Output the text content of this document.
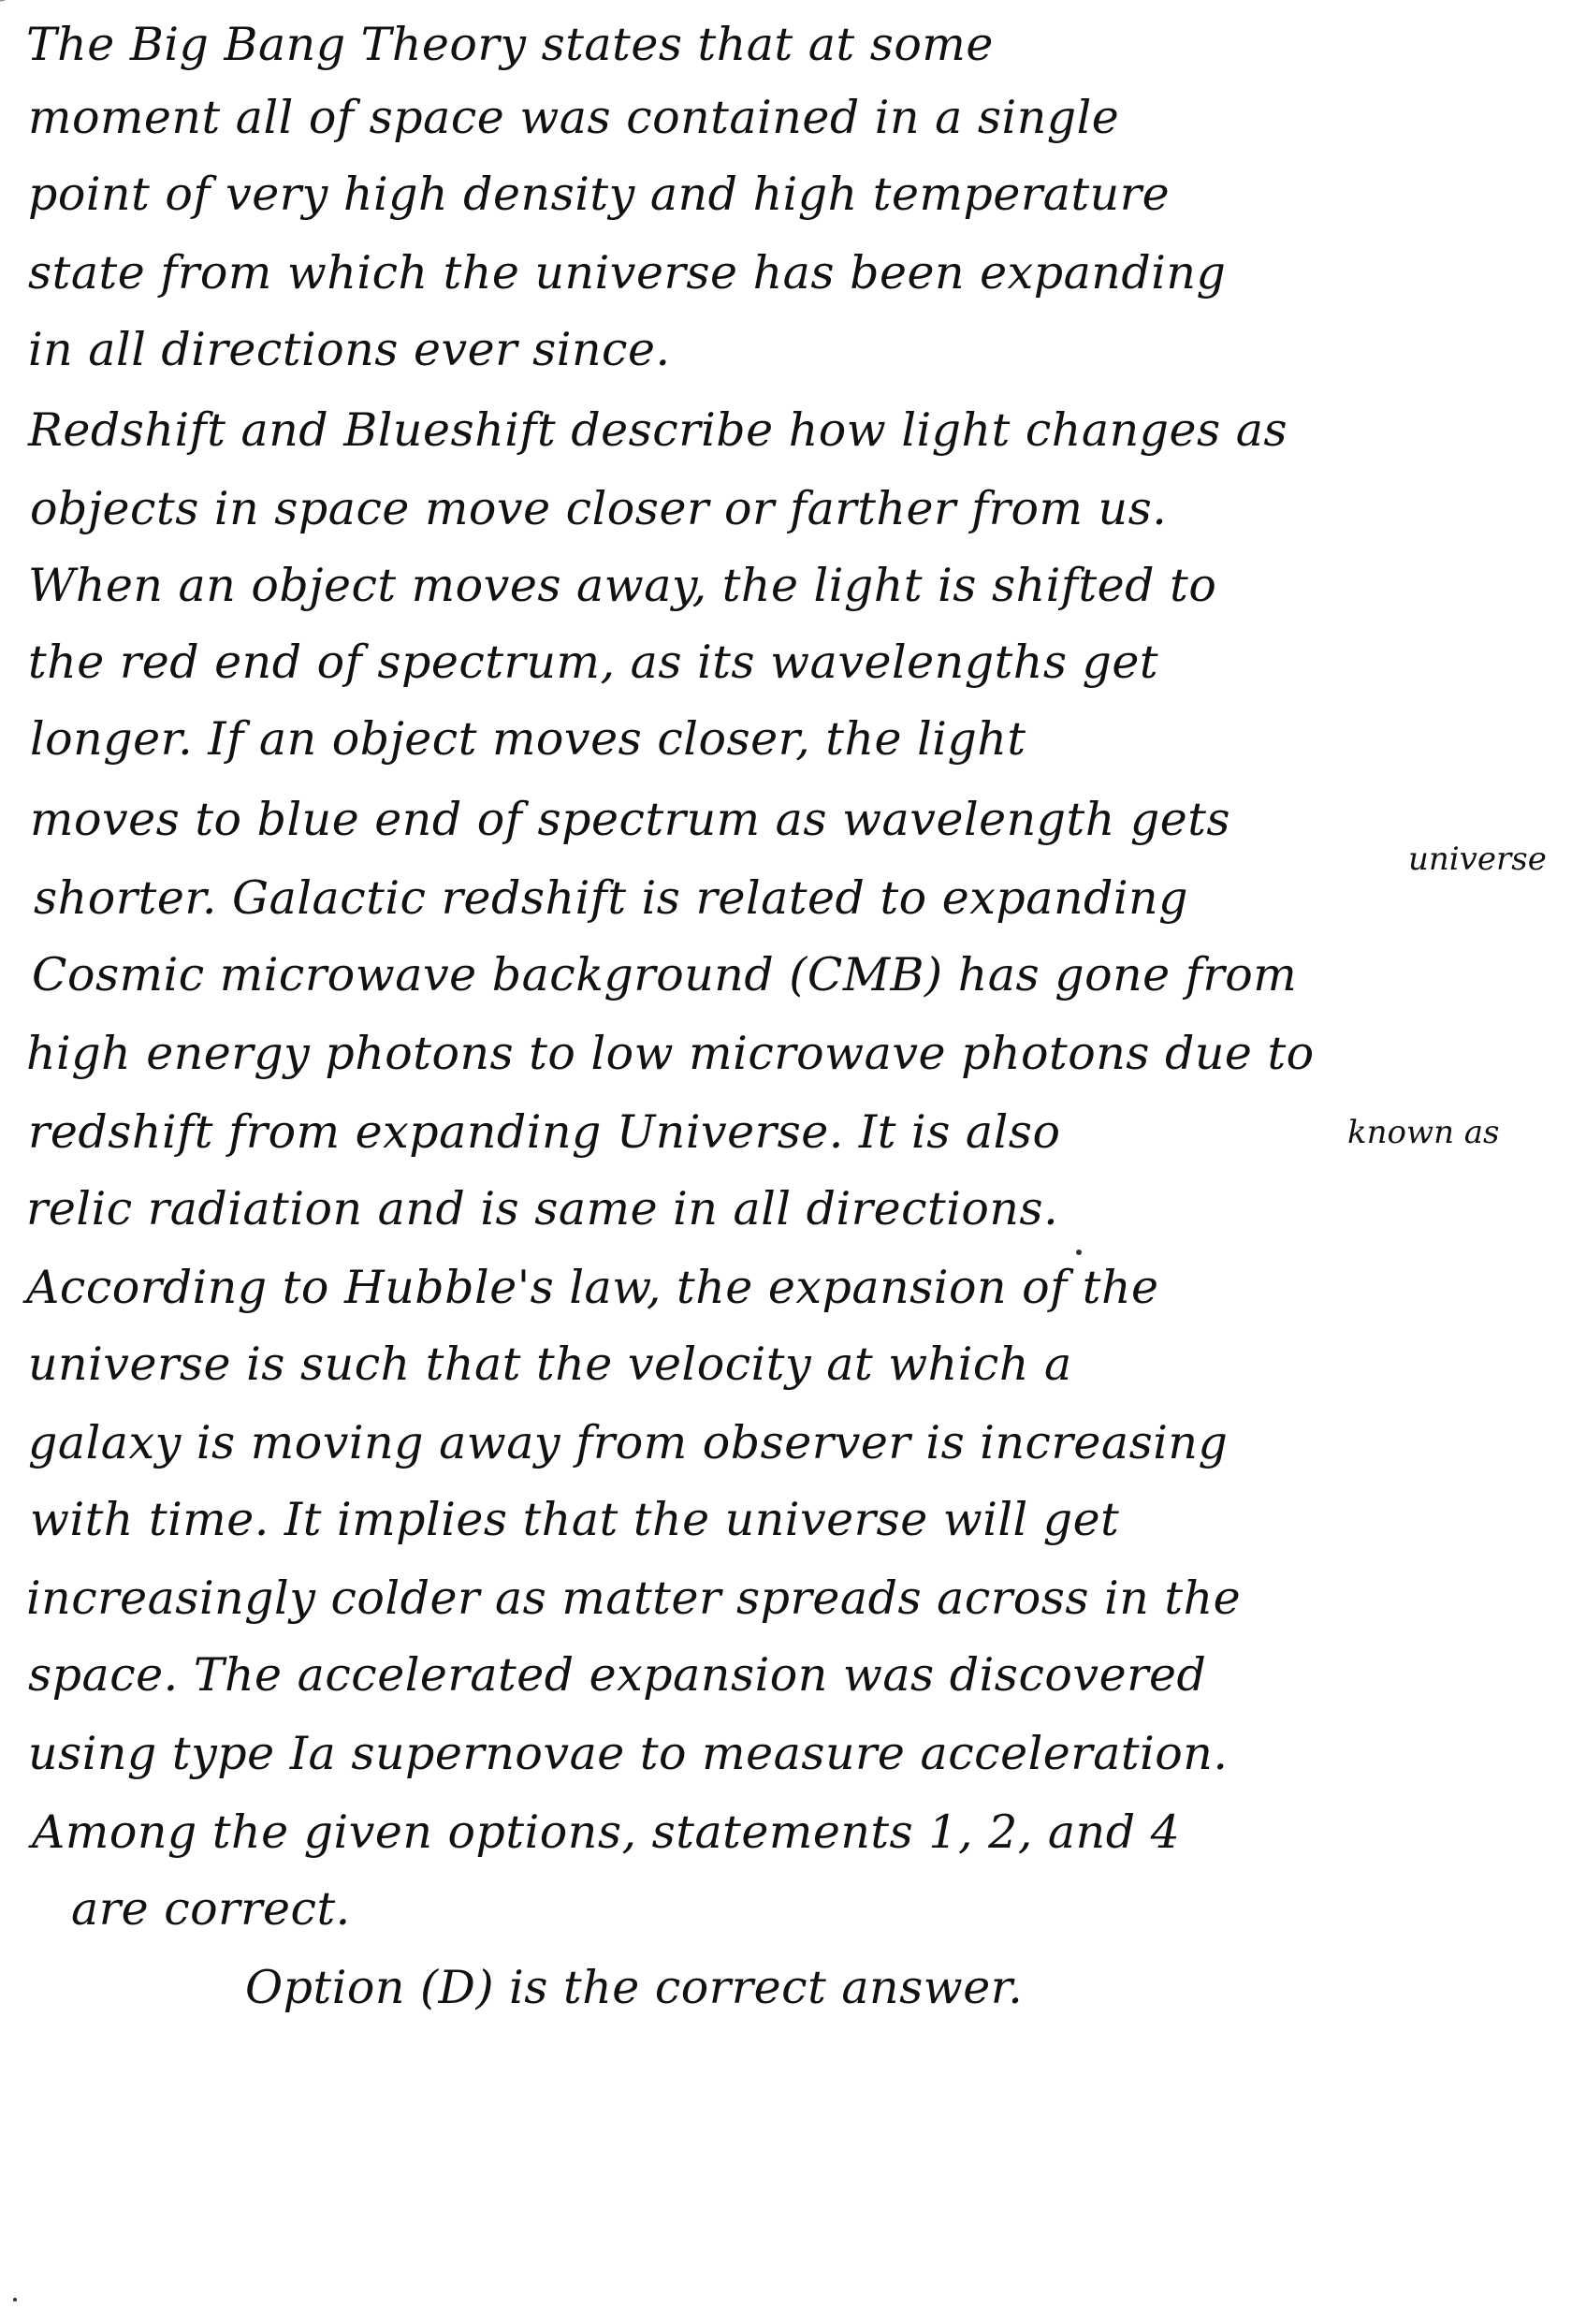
The Big Bang Theory states that at some
moment all of space was contained in a single
point of very high density and high temperature
state from which the universe has been expanding
in all directions ever since.
Redshift and Blueshift describe how light changes as
objects in space move closer or farther from us.
When an object moves away, the light is shifted to
the red end of spectrum, as its wavelengths get
longer. If an object moves closer, the light
moves to blue end of spectrum as wavelength gets
universe
shorter. Galactic redshift is related to expanding
Cosmic microwave background (CMB) has gone from
high energy photons to low microwave photons due to
known as
redshift from expanding Universe. It is also
relic radiation and is same in all directions.
According to Hubble's law, the expansion of the
universe is such that the velocity at which a
galaxy is moving away from observer is increasing
with time. It implies that the universe will get
increasingly colder as matter spreads across in the
space. The accelerated expansion was discovered
using type Ia supernovae to measure acceleration.
Among the given options, statements 1, 2, and 4
are correct.
Option (D) is the correct answer.
